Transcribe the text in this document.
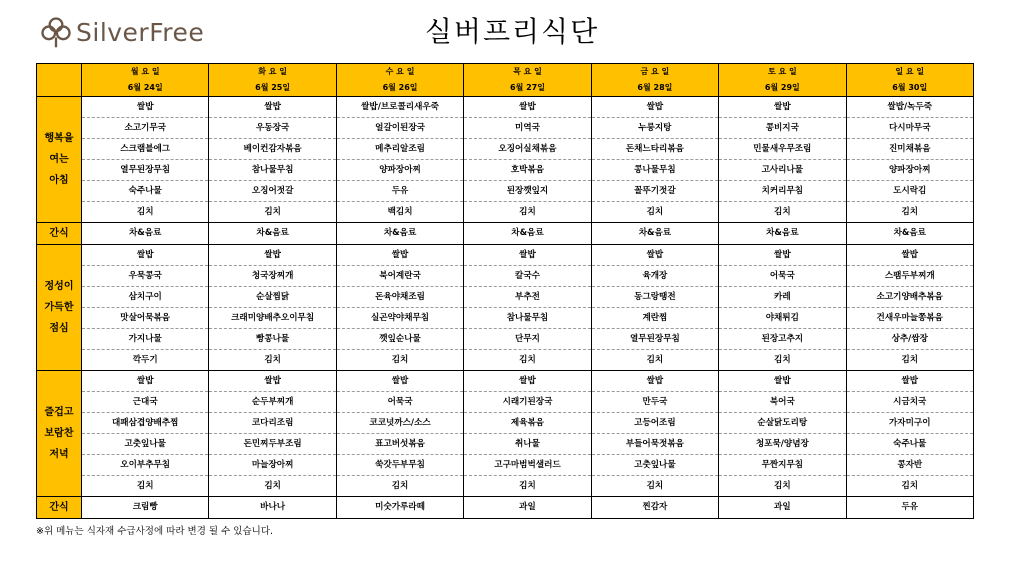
SilverFree	실버프리식단
	월 요 일	화 요 일	수 요 일	목 요 일	금 요 일	토 요 일	일 요 일
	6월 24일	6월 25일	6월 26일	6월 27일	6월 28일	6월 29일	6월 30일

행복을
여는
아침	쌀밥	쌀밥	쌀밥/브로콜리새우죽	쌀밥	쌀밥	쌀밥	쌀밥/녹두죽
	소고기무국	우동장국	얼갈이된장국	미역국	누룽지탕	콩비지국	다시마무국
	스크램블에그	베이컨감자볶음	메추리알조림	오징어실채볶음	돈채느타리볶음	민물새우무조림	진미채볶음
	열무된장무침	참나물무침	양파장아찌	호박볶음	콩나물무침	고사리나물	양파장아찌
	숙주나물	오징어젓갈	두유	된장깻잎지	꼴뚜기젓갈	치커리무침	도시락김
	김치	김치	백김치	김치	김치	김치	김치

간식	차&음료	차&음료	차&음료	차&음료	차&음료	차&음료	차&음료

정성이
가득한
점심	쌀밥	쌀밥	쌀밥	쌀밥	쌀밥	쌀밥	쌀밥
	우묵콩국	청국장찌개	북어계란국	칼국수	육개장	어묵국	스팸두부찌개
	삼치구이	순살찜닭	돈육야채조림	부추전	동그랑땡전	카레	소고기양배추볶음
	맛살어묵볶음	크래미양배추오이무침	실곤약야채무침	참나물무침	계란찜	야채튀김	건새우마늘쫑볶음
	가지나물	빵콩나물	깻잎순나물	단무지	열무된장무침	된장고추지	상추/쌈장
	깍두기	김치	김치	김치	김치	김치	김치

즐겁고
보람찬
저녁	쌀밥	쌀밥	쌀밥	쌀밥	쌀밥	쌀밥	쌀밥
	근대국	순두부찌개	어묵국	시래기된장국	만두국	북어국	시금치국
	대패삼겹양배추찜	코다리조림	코코넛까스/소스	제육볶음	고등어조림	순살닭도리탕	가자미구이
	고춧잎나물	돈민찌두부조림	표고버섯볶음	취나물	부들어묵젓볶음	청포묵/양념장	숙주나물
	오이부추무침	마늘장아찌	쑥갓두부무침	고구마범벅샐러드	고춧잎나물	무짠지무침	콩자반
	김치	김치	김치	김치	김치	김치	김치

간식	크림빵	바나나	미숫가루라떼	과일	찐감자	과일	두유
※위 메뉴는 식자재 수급사정에 따라 변경 될 수 있습니다.
